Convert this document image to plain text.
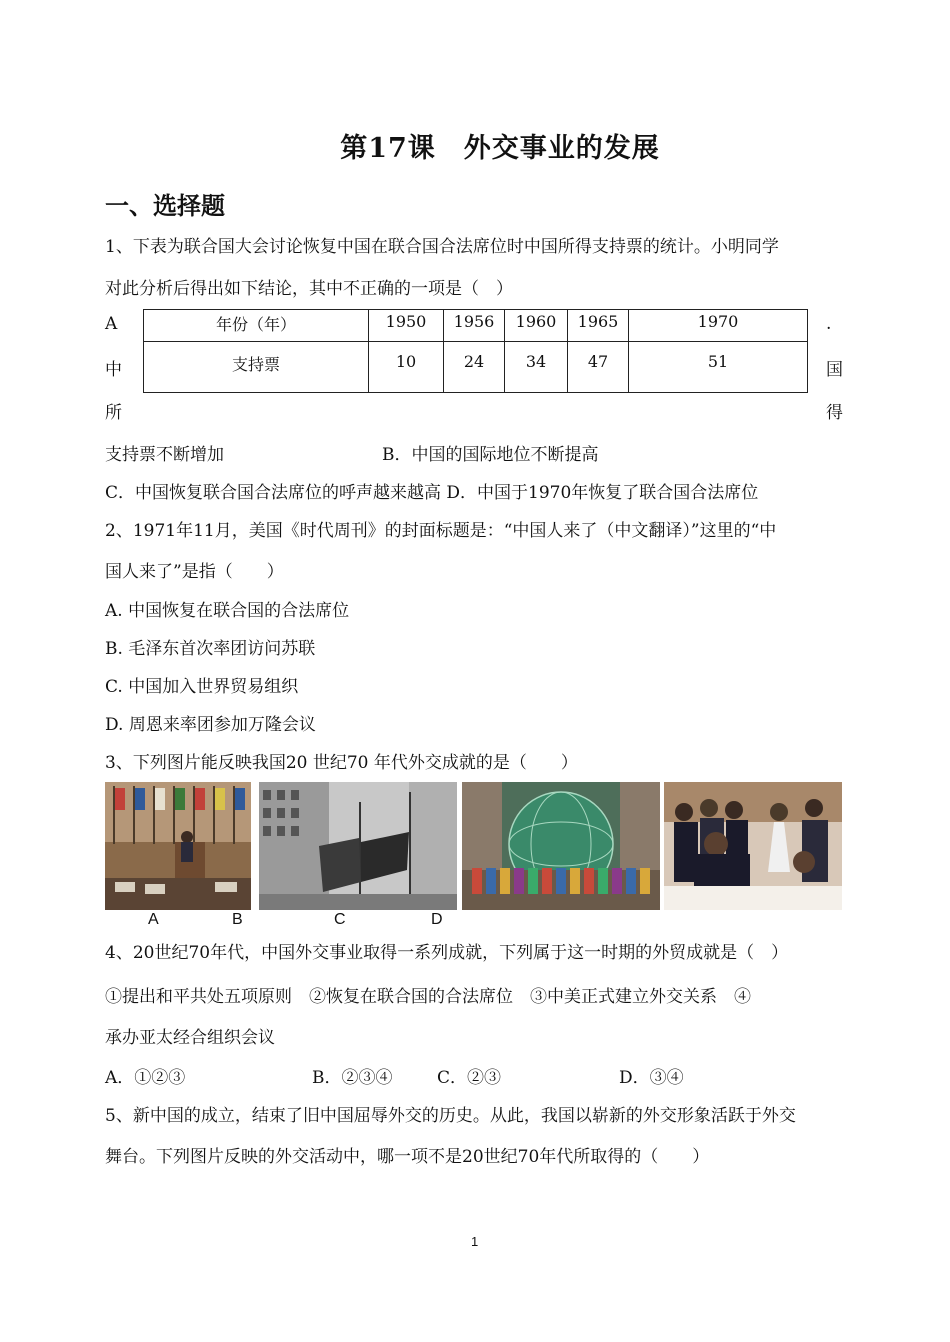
第17课　外交事业的发展
一、选择题
1、下表为联合国大会讨论恢复中国在联合国合法席位时中国所得支持票的统计。小明同学
对此分析后得出如下结论，其中不正确的一项是（　）
年份（年）	1950	1956	1960	1965	1970
支持票	10	24	34	47	51
A
中
所
.
国
得
支持票不断增加	B．中国的国际地位不断提高
C．中国恢复联合国合法席位的呼声越来越高 D．中国于1970年恢复了联合国合法席位
2、1971年11月，美国《时代周刊》的封面标题是：“中国人来了（中文翻译）”这里的“中
国人来了”是指（　　）
A. 中国恢复在联合国的合法席位
B. 毛泽东首次率团访问苏联
C. 中国加入世界贸易组织
D. 周恩来率团参加万隆会议
3、下列图片能反映我国20 世纪70 年代外交成就的是（　　）
A	B	C	D
4、20世纪70年代，中国外交事业取得一系列成就，下列属于这一时期的外贸成就是（　）
①提出和平共处五项原则　②恢复在联合国的合法席位　③中美正式建立外交关系　④
承办亚太经合组织会议
A．①②③	B．②③④	C．②③	D．③④
5、新中国的成立，结束了旧中国屈辱外交的历史。从此，我国以崭新的外交形象活跃于外交
舞台。下列图片反映的外交活动中，哪一项不是20世纪70年代所取得的（　　）
1
